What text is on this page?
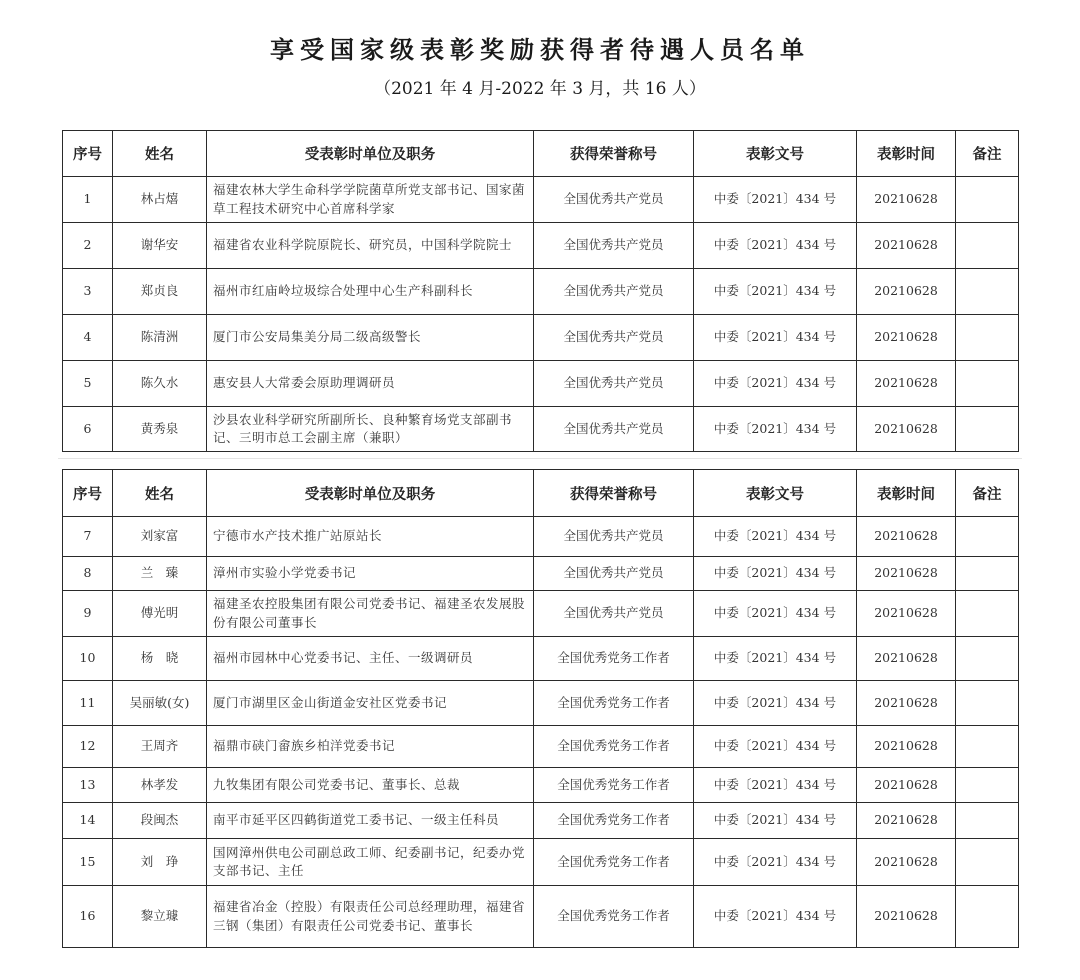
享受国家级表彰奖励获得者待遇人员名单
（2021 年 4 月-2022 年 3 月，共 16 人）
序号	姓名	受表彰时单位及职务	获得荣誉称号	表彰文号	表彰时间	备注
1	林占熺	福建农林大学生命科学学院菌草所党支部书记、国家菌草工程技术研究中心首席科学家	全国优秀共产党员	中委〔2021〕434 号	20210628	
2	谢华安	福建省农业科学院原院长、研究员，中国科学院院士	全国优秀共产党员	中委〔2021〕434 号	20210628	
3	郑贞良	福州市红庙岭垃圾综合处理中心生产科副科长	全国优秀共产党员	中委〔2021〕434 号	20210628	
4	陈清洲	厦门市公安局集美分局二级高级警长	全国优秀共产党员	中委〔2021〕434 号	20210628	
5	陈久水	惠安县人大常委会原助理调研员	全国优秀共产党员	中委〔2021〕434 号	20210628	
6	黄秀泉	沙县农业科学研究所副所长、良种繁育场党支部副书记、三明市总工会副主席（兼职）	全国优秀共产党员	中委〔2021〕434 号	20210628	
序号	姓名	受表彰时单位及职务	获得荣誉称号	表彰文号	表彰时间	备注
7	刘家富	宁德市水产技术推广站原站长	全国优秀共产党员	中委〔2021〕434 号	20210628	
8	兰　臻	漳州市实验小学党委书记	全国优秀共产党员	中委〔2021〕434 号	20210628	
9	傅光明	福建圣农控股集团有限公司党委书记、福建圣农发展股份有限公司董事长	全国优秀共产党员	中委〔2021〕434 号	20210628	
10	杨　晓	福州市园林中心党委书记、主任、一级调研员	全国优秀党务工作者	中委〔2021〕434 号	20210628	
11	吴丽敏(女)	厦门市湖里区金山街道金安社区党委书记	全国优秀党务工作者	中委〔2021〕434 号	20210628	
12	王周齐	福鼎市硖门畲族乡柏洋党委书记	全国优秀党务工作者	中委〔2021〕434 号	20210628	
13	林孝发	九牧集团有限公司党委书记、董事长、总裁	全国优秀党务工作者	中委〔2021〕434 号	20210628	
14	段闽杰	南平市延平区四鹤街道党工委书记、一级主任科员	全国优秀党务工作者	中委〔2021〕434 号	20210628	
15	刘　琤	国网漳州供电公司副总政工师、纪委副书记，纪委办党支部书记、主任	全国优秀党务工作者	中委〔2021〕434 号	20210628	
16	黎立璩	福建省冶金（控股）有限责任公司总经理助理，福建省三钢（集团）有限责任公司党委书记、董事长	全国优秀党务工作者	中委〔2021〕434 号	20210628	
